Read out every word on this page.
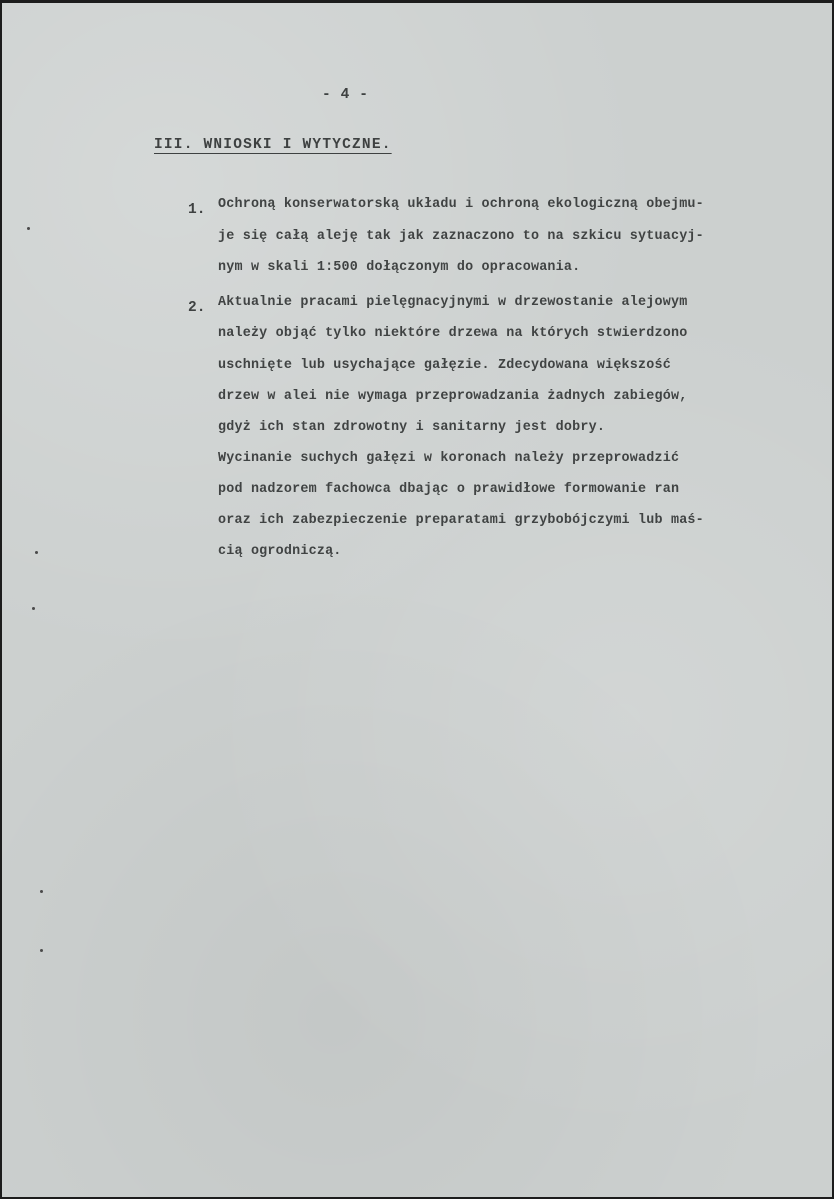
- 4 -
III. WNIOSKI I WYTYCZNE.
1. Ochroną konserwatorską układu i ochroną ekologiczną obejmu-
je się całą aleję tak jak zaznaczono to na szkicu sytuacyj-
nym w skali 1:500 dołączonym do opracowania.
2. Aktualnie pracami pielęgnacyjnymi w drzewostanie alejowym
należy objąć tylko niektóre drzewa na których stwierdzono
uschnięte lub usychające gałęzie. Zdecydowana większość
drzew w alei nie wymaga przeprowadzania żadnych zabiegów,
gdyż ich stan zdrowotny i sanitarny jest dobry.
Wycinanie suchych gałęzi w koronach należy przeprowadzić
pod nadzorem fachowca dbając o prawidłowe formowanie ran
oraz ich zabezpieczenie preparatami grzybobójczymi lub maś-
cią ogrodniczą.
